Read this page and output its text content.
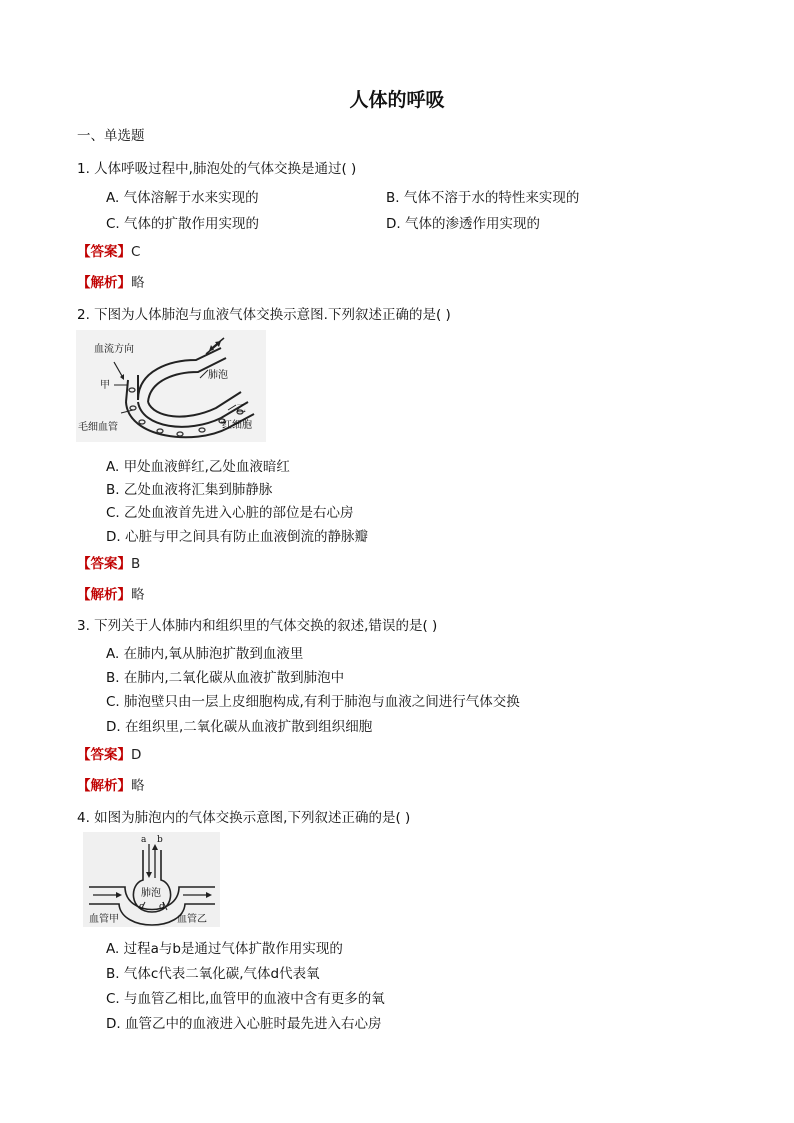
人体的呼吸
一、单选题
1. 人体呼吸过程中,肺泡处的气体交换是通过( )
A. 气体溶解于水来实现的	B. 气体不溶于水的特性来实现的
C. 气体的扩散作用实现的	D. 气体的渗透作用实现的
【答案】C
【解析】略
2. 下图为人体肺泡与血液气体交换示意图.下列叙述正确的是( )
血流方向
甲
肺泡
乙
毛细血管	红细胞
A. 甲处血液鲜红,乙处血液暗红
B. 乙处血液将汇集到肺静脉
C. 乙处血液首先进入心脏的部位是右心房
D. 心脏与甲之间具有防止血液倒流的静脉瓣
【答案】B
【解析】略
3. 下列关于人体肺内和组织里的气体交换的叙述,错误的是( )
A. 在肺内,氧从肺泡扩散到血液里
B. 在肺内,二氧化碳从血液扩散到肺泡中
C. 肺泡壁只由一层上皮细胞构成,有利于肺泡与血液之间进行气体交换
D. 在组织里,二氧化碳从血液扩散到组织细胞
【答案】D
【解析】略
4. 如图为肺泡内的气体交换示意图,下列叙述正确的是( )
a b
肺泡
c d
血管甲	血管乙
A. 过程a与b是通过气体扩散作用实现的
B. 气体c代表二氧化碳,气体d代表氧
C. 与血管乙相比,血管甲的血液中含有更多的氧
D. 血管乙中的血液进入心脏时最先进入右心房
